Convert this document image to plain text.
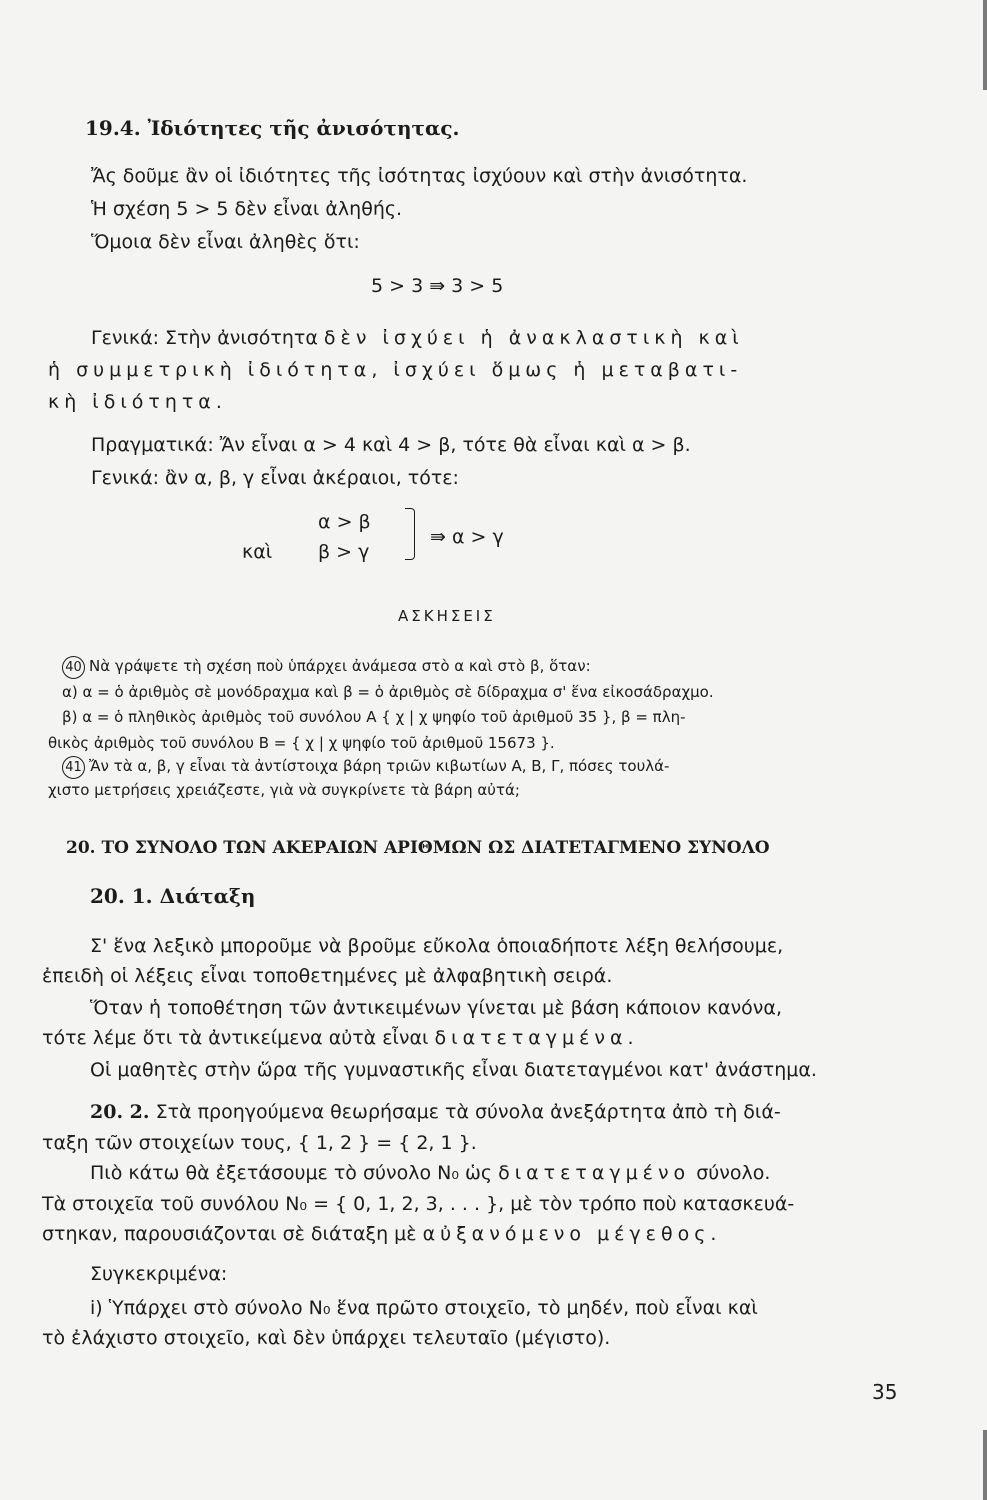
19.4. Ἰδιότητες τῆς ἀνισότητας.
Ἄς δοῦμε ἂν οἱ ἰδιότητες τῆς ἰσότητας ἰσχύουν καὶ στὴν ἀνισότητα.
Ἡ σχέση 5 > 5 δὲν εἶναι ἀληθής.
Ὅμοια δὲν εἶναι ἀληθὲς ὅτι:
5 > 3 ⇛ 3 > 5
Γενικά: Στὴν ἀνισότητα δὲν ἰσχύει ἡ ἀνακλαστικὴ καὶ
ἡ συμμετρικὴ ἰδιότητα, ἰσχύει ὅμως ἡ μεταβατι-
κὴ ἰδιότητα.
Πραγματικά: Ἄν εἶναι α > 4 καὶ 4 > β, τότε θὰ εἶναι καὶ α > β.
Γενικά: ἂν α, β, γ εἶναι ἀκέραιοι, τότε:
α > β
καὶ β > γ
⇛ α > γ
ΑΣΚΗΣΕΙΣ
40 Νὰ γράψετε τὴ σχέση ποὺ ὑπάρχει ἀνάμεσα στὸ α καὶ στὸ β, ὅταν:
α) α = ὁ ἀριθμὸς σὲ μονόδραχμα καὶ β = ὁ ἀριθμὸς σὲ δίδραχμα σ' ἕνα εἰκοσάδραχμο.
β) α = ὁ πληθικὸς ἀριθμὸς τοῦ συνόλου Α { χ | χ ψηφίο τοῦ ἀριθμοῦ 35 }, β = πλη-
θικὸς ἀριθμὸς τοῦ συνόλου Β = { χ | χ ψηφίο τοῦ ἀριθμοῦ 15673 }.
41 Ἄν τὰ α, β, γ εἶναι τὰ ἀντίστοιχα βάρη τριῶν κιβωτίων Α, Β, Γ, πόσες τουλά-
χιστο μετρήσεις χρειάζεστε, γιὰ νὰ συγκρίνετε τὰ βάρη αὐτά;
20. ΤΟ ΣΥΝΟΛΟ ΤΩΝ ΑΚΕΡΑΙΩΝ ΑΡΙΘΜΩΝ ΩΣ ΔΙΑΤΕΤΑΓΜΕΝΟ ΣΥΝΟΛΟ
20. 1. Διάταξη
Σ' ἕνα λεξικὸ μποροῦμε νὰ βροῦμε εὔκολα ὁποιαδήποτε λέξη θελήσουμε,
ἐπειδὴ οἱ λέξεις εἶναι τοποθετημένες μὲ ἀλφαβητικὴ σειρά.
Ὅταν ἡ τοποθέτηση τῶν ἀντικειμένων γίνεται μὲ βάση κάποιον κανόνα,
τότε λέμε ὅτι τὰ ἀντικείμενα αὐτὰ εἶναι διατεταγμένα.
Οἱ μαθητὲς στὴν ὥρα τῆς γυμναστικῆς εἶναι διατεταγμένοι κατ' ἀνάστημα.
20. 2. Στὰ προηγούμενα θεωρήσαμε τὰ σύνολα ἀνεξάρτητα ἀπὸ τὴ διά-
ταξη τῶν στοιχείων τους, { 1, 2 } = { 2, 1 }.
Πιὸ κάτω θὰ ἐξετάσουμε τὸ σύνολο Ν₀ ὡς διατεταγμένο σύνολο.
Τὰ στοιχεῖα τοῦ συνόλου Ν₀ = { 0, 1, 2, 3, . . . }, μὲ τὸν τρόπο ποὺ κατασκευά-
στηκαν, παρουσιάζονται σὲ διάταξη μὲ αὐξανόμενο μέγεθος.
Συγκεκριμένα:
i) Ὑπάρχει στὸ σύνολο Ν₀ ἕνα πρῶτο στοιχεῖο, τὸ μηδέν, ποὺ εἶναι καὶ
τὸ ἐλάχιστο στοιχεῖο, καὶ δὲν ὑπάρχει τελευταῖο (μέγιστο).
35
